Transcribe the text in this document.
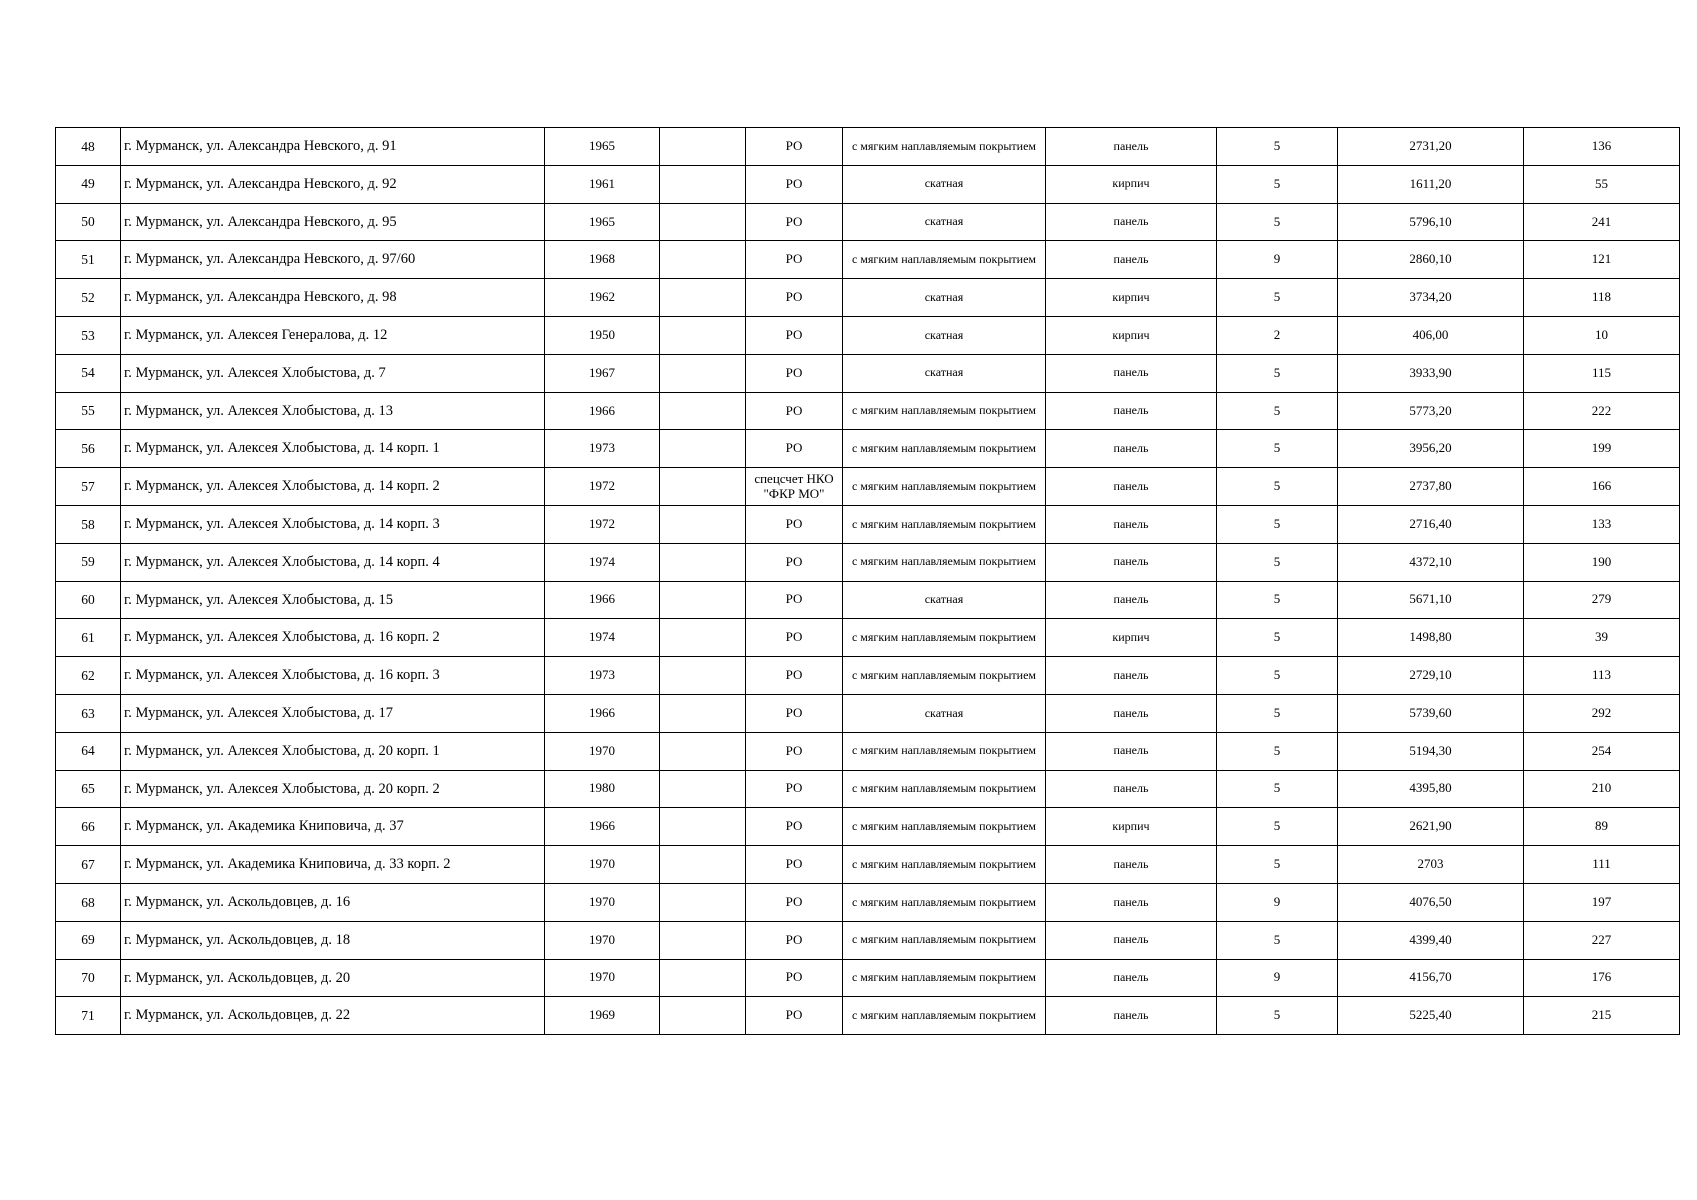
48	г. Мурманск, ул. Александра Невского, д. 91	1965		РО	с мягким наплавляемым покрытием	панель	5	2731,20	136
49	г. Мурманск, ул. Александра Невского, д. 92	1961		РО	скатная	кирпич	5	1611,20	55
50	г. Мурманск, ул. Александра Невского, д. 95	1965		РО	скатная	панель	5	5796,10	241
51	г. Мурманск, ул. Александра Невского, д. 97/60	1968		РО	с мягким наплавляемым покрытием	панель	9	2860,10	121
52	г. Мурманск, ул. Александра Невского, д. 98	1962		РО	скатная	кирпич	5	3734,20	118
53	г. Мурманск, ул. Алексея Генералова, д. 12	1950		РО	скатная	кирпич	2	406,00	10
54	г. Мурманск, ул. Алексея Хлобыстова, д. 7	1967		РО	скатная	панель	5	3933,90	115
55	г. Мурманск, ул. Алексея Хлобыстова, д. 13	1966		РО	с мягким наплавляемым покрытием	панель	5	5773,20	222
56	г. Мурманск, ул. Алексея Хлобыстова, д. 14 корп. 1	1973		РО	с мягким наплавляемым покрытием	панель	5	3956,20	199
57	г. Мурманск, ул. Алексея Хлобыстова, д. 14 корп. 2	1972		спецсчет НКО "ФКР МО"	с мягким наплавляемым покрытием	панель	5	2737,80	166
58	г. Мурманск, ул. Алексея Хлобыстова, д. 14 корп. 3	1972		РО	с мягким наплавляемым покрытием	панель	5	2716,40	133
59	г. Мурманск, ул. Алексея Хлобыстова, д. 14 корп. 4	1974		РО	с мягким наплавляемым покрытием	панель	5	4372,10	190
60	г. Мурманск, ул. Алексея Хлобыстова, д. 15	1966		РО	скатная	панель	5	5671,10	279
61	г. Мурманск, ул. Алексея Хлобыстова, д. 16 корп. 2	1974		РО	с мягким наплавляемым покрытием	кирпич	5	1498,80	39
62	г. Мурманск, ул. Алексея Хлобыстова, д. 16 корп. 3	1973		РО	с мягким наплавляемым покрытием	панель	5	2729,10	113
63	г. Мурманск, ул. Алексея Хлобыстова, д. 17	1966		РО	скатная	панель	5	5739,60	292
64	г. Мурманск, ул. Алексея Хлобыстова, д. 20 корп. 1	1970		РО	с мягким наплавляемым покрытием	панель	5	5194,30	254
65	г. Мурманск, ул. Алексея Хлобыстова, д. 20 корп. 2	1980		РО	с мягким наплавляемым покрытием	панель	5	4395,80	210
66	г. Мурманск, ул. Академика Книповича, д. 37	1966		РО	с мягким наплавляемым покрытием	кирпич	5	2621,90	89
67	г. Мурманск, ул. Академика Книповича, д. 33 корп. 2	1970		РО	с мягким наплавляемым покрытием	панель	5	2703	111
68	г. Мурманск, ул. Аскольдовцев, д. 16	1970		РО	с мягким наплавляемым покрытием	панель	9	4076,50	197
69	г. Мурманск, ул. Аскольдовцев, д. 18	1970		РО	с мягким наплавляемым покрытием	панель	5	4399,40	227
70	г. Мурманск, ул. Аскольдовцев, д. 20	1970		РО	с мягким наплавляемым покрытием	панель	9	4156,70	176
71	г. Мурманск, ул. Аскольдовцев, д. 22	1969		РО	с мягким наплавляемым покрытием	панель	5	5225,40	215
